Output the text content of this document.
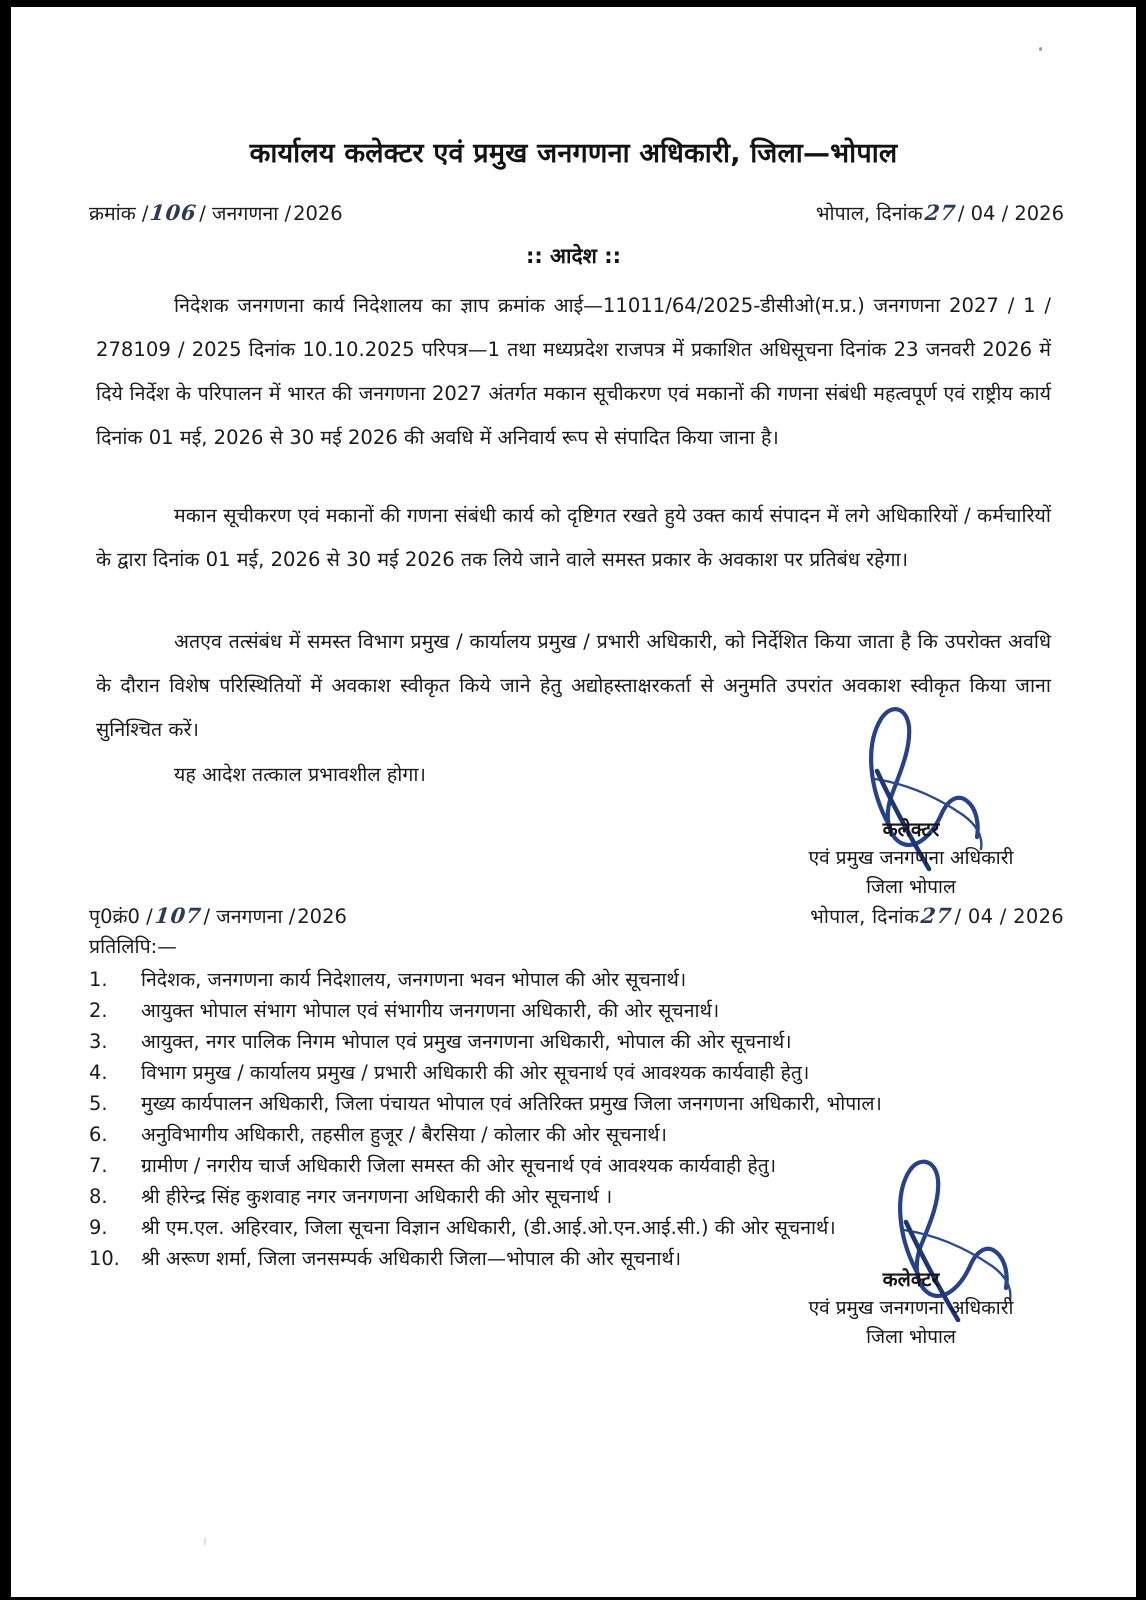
कार्यालय कलेक्टर एवं प्रमुख जनगणना अधिकारी, जिला—भोपाल
क्रमांक / 106 / जनगणना / 2026	भोपाल, दिनांक 27 / 04 / 2026
:: आदेश ::
निदेशक जनगणना कार्य निदेशालय का ज्ञाप क्रमांक आई—11011/64/2025-डीसीओ(म.प्र.) जनगणना 2027 / 1 / 278109 / 2025 दिनांक 10.10.2025 परिपत्र—1 तथा मध्यप्रदेश राजपत्र में प्रकाशित अधिसूचना दिनांक 23 जनवरी 2026 में दिये निर्देश के परिपालन में भारत की जनगणना 2027 अंतर्गत मकान सूचीकरण एवं मकानों की गणना संबंधी महत्वपूर्ण एवं राष्ट्रीय कार्य दिनांक 01 मई, 2026 से 30 मई 2026 की अवधि में अनिवार्य रूप से संपादित किया जाना है।
मकान सूचीकरण एवं मकानों की गणना संबंधी कार्य को दृष्टिगत रखते हुये उक्त कार्य संपादन में लगे अधिकारियों / कर्मचारियों के द्वारा दिनांक 01 मई, 2026 से 30 मई 2026 तक लिये जाने वाले समस्त प्रकार के अवकाश पर प्रतिबंध रहेगा।
अतएव तत्संबंध में समस्त विभाग प्रमुख / कार्यालय प्रमुख / प्रभारी अधिकारी, को निर्देशित किया जाता है कि उपरोक्त अवधि के दौरान विशेष परिस्थितियों में अवकाश स्वीकृत किये जाने हेतु अद्योहस्ताक्षरकर्ता से अनुमति उपरांत अवकाश स्वीकृत किया जाना सुनिश्चित करें।
यह आदेश तत्काल प्रभावशील होगा।
कलेक्टर
एवं प्रमुख जनगणना अधिकारी
जिला भोपाल
पृ0क्रं0 / 107 / जनगणना / 2026	भोपाल, दिनांक 27 / 04 / 2026
प्रतिलिपि:—
1.	निदेशक, जनगणना कार्य निदेशालय, जनगणना भवन भोपाल की ओर सूचनार्थ।
2.	आयुक्त भोपाल संभाग भोपाल एवं संभागीय जनगणना अधिकारी, की ओर सूचनार्थ।
3.	आयुक्त, नगर पालिक निगम भोपाल एवं प्रमुख जनगणना अधिकारी, भोपाल की ओर सूचनार्थ।
4.	विभाग प्रमुख / कार्यालय प्रमुख / प्रभारी अधिकारी की ओर सूचनार्थ एवं आवश्यक कार्यवाही हेतु।
5.	मुख्य कार्यपालन अधिकारी, जिला पंचायत भोपाल एवं अतिरिक्त प्रमुख जिला जनगणना अधिकारी, भोपाल।
6.	अनुविभागीय अधिकारी, तहसील हुजूर / बैरसिया / कोलार की ओर सूचनार्थ।
7.	ग्रामीण / नगरीय चार्ज अधिकारी जिला समस्त की ओर सूचनार्थ एवं आवश्यक कार्यवाही हेतु।
8.	श्री हीरेन्द्र सिंह कुशवाह नगर जनगणना अधिकारी की ओर सूचनार्थ ।
9.	श्री एम.एल. अहिरवार, जिला सूचना विज्ञान अधिकारी, (डी.आई.ओ.एन.आई.सी.) की ओर सूचनार्थ।
10.	श्री अरूण शर्मा, जिला जनसम्पर्क अधिकारी जिला—भोपाल की ओर सूचनार्थ।
कलेक्टर
एवं प्रमुख जनगणना अधिकारी
जिला भोपाल
